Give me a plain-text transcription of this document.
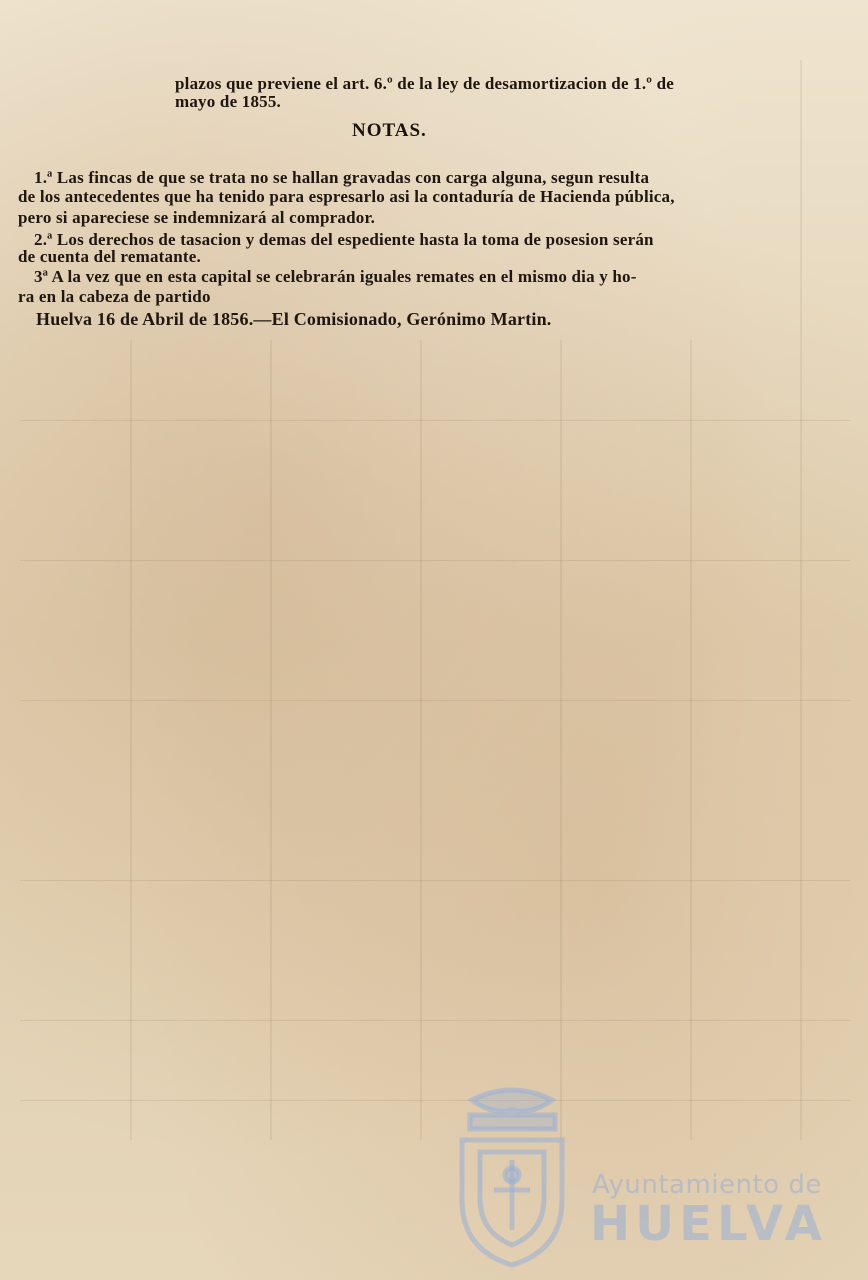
plazos que previene el art. 6.º de la ley de desamortizacion de 1.º de
mayo de 1855.
NOTAS.
1.ª Las fincas de que se trata no se hallan gravadas con carga alguna, segun resulta
de los antecedentes que ha tenido para espresarlo asi la contaduría de Hacienda pública,
pero si apareciese se indemnizará al comprador.
2.ª Los derechos de tasacion y demas del espediente hasta la toma de posesion serán
de cuenta del rematante.
3ª A la vez que en esta capital se celebrarán iguales remates en el mismo dia y ho-
ra en la cabeza de partido
Huelva 16 de Abril de 1856.—El Comisionado, Gerónimo Martin.
Ayuntamiento de
HUELVA
